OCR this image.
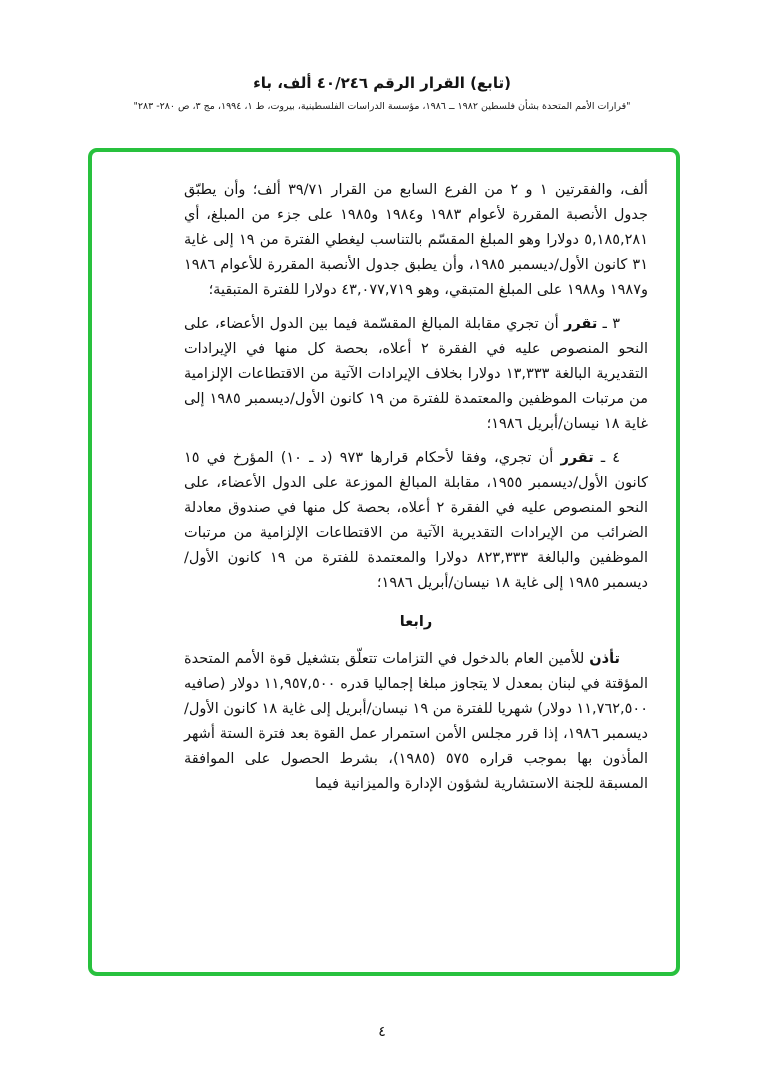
(تابع) القرار الرقم ٤٠/٢٤٦ ألف، باء
"قرارات الأمم المتحدة بشأن فلسطين ١٩٨٢ ــ ١٩٨٦، مؤسسة الدراسات الفلسطينية، بيروت، ط ١، ١٩٩٤، مج ٣، ص ٢٨٠- ٢٨٣"

ألف، والفقرتين ١ و ٢ من الفرع السابع من القرار ٣٩/٧١ ألف؛ وأن يطبّق جدول الأنصبة المقررة لأعوام ١٩٨٣ و١٩٨٤ و١٩٨٥ على جزء من المبلغ، أي ٥,١٨٥,٢٨١ دولارا وهو المبلغ المقسّم بالتناسب ليغطي الفترة من ١٩ إلى غاية ٣١ كانون الأول/ديسمبر ١٩٨٥، وأن يطبق جدول الأنصبة المقررة للأعوام ١٩٨٦ و١٩٨٧ و١٩٨٨ على المبلغ المتبقي، وهو ٤٣,٠٧٧,٧١٩ دولارا للفترة المتبقية؛

٣ ـ تقرر أن تجري مقابلة المبالغ المقسّمة فيما بين الدول الأعضاء، على النحو المنصوص عليه في الفقرة ٢ أعلاه، بحصة كل منها في الإيرادات التقديرية البالغة ١٣,٣٣٣ دولارا بخلاف الإيرادات الآتية من الاقتطاعات الإلزامية من مرتبات الموظفين والمعتمدة للفترة من ١٩ كانون الأول/ديسمبر ١٩٨٥ إلى غاية ١٨ نيسان/أبريل ١٩٨٦؛

٤ ـ تقرر أن تجري، وفقا لأحكام قرارها ٩٧٣ (د ـ ١٠) المؤرخ في ١٥ كانون الأول/ديسمبر ١٩٥٥، مقابلة المبالغ الموزعة على الدول الأعضاء، على النحو المنصوص عليه في الفقرة ٢ أعلاه، بحصة كل منها في صندوق معادلة الضرائب من الإيرادات التقديرية الآتية من الاقتطاعات الإلزامية من مرتبات الموظفين والبالغة ٨٢٣,٣٣٣ دولارا والمعتمدة للفترة من ١٩ كانون الأول/ديسمبر ١٩٨٥ إلى غاية ١٨ نيسان/أبريل ١٩٨٦؛

رابعا

تأذن للأمين العام بالدخول في التزامات تتعلّق بتشغيل قوة الأمم المتحدة المؤقتة في لبنان بمعدل لا يتجاوز مبلغا إجماليا قدره ١١,٩٥٧,٥٠٠ دولار (صافيه ١١,٧٦٢,٥٠٠ دولار) شهريا للفترة من ١٩ نيسان/أبريل إلى غاية ١٨ كانون الأول/ديسمبر ١٩٨٦، إذا قرر مجلس الأمن استمرار عمل القوة بعد فترة الستة أشهر المأذون بها بموجب قراره ٥٧٥ (١٩٨٥)، بشرط الحصول على الموافقة المسبقة للجنة الاستشارية لشؤون الإدارة والميزانية فيما

٤
